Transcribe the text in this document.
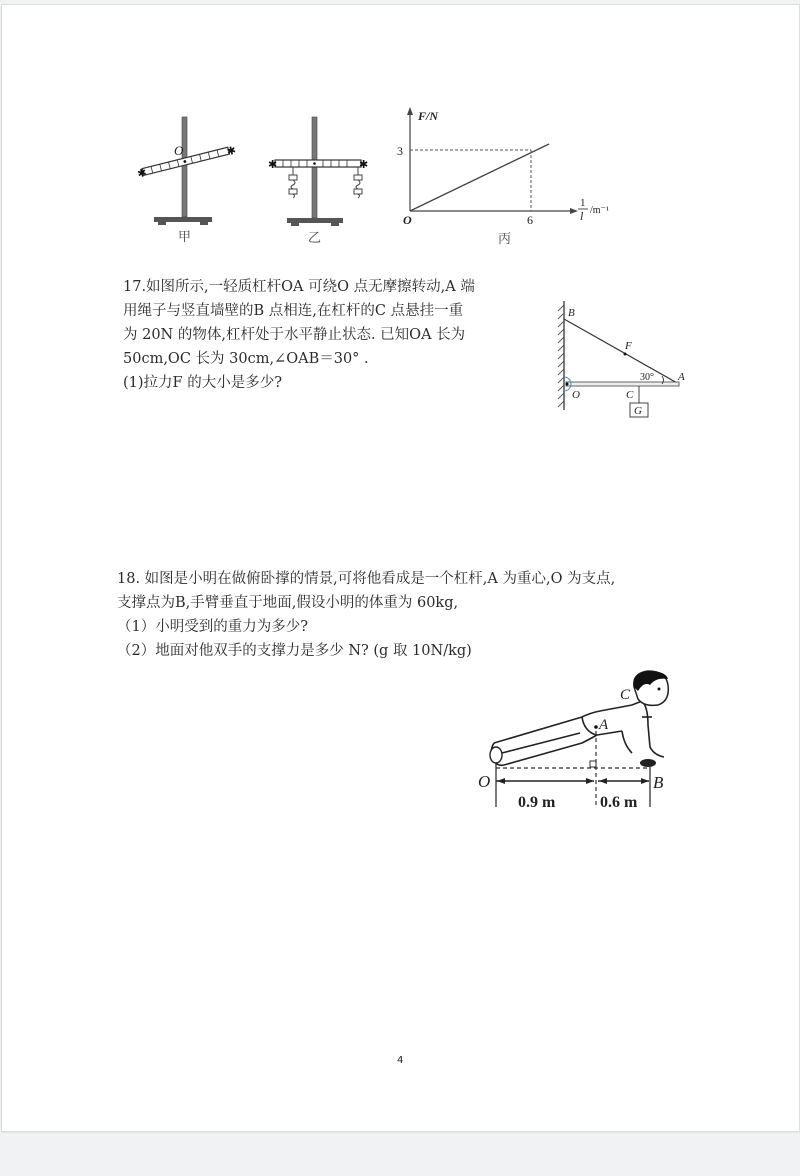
✱
✱
O
甲
✱	✱
乙
F/N
3
O	6
1
l /m⁻¹
丙
17.如图所示,一轻质杠杆OA 可绕O 点无摩擦转动,A 端
用绳子与竖直墙壁的B 点相连,在杠杆的C 点悬挂一重
为 20N 的物体,杠杆处于水平静止状态. 已知OA 长为
50cm,OC 长为 30cm,∠OAB＝30° .
(1)拉力F 的大小是多少?
B
F
O	C
A
G
30°
18. 如图是小明在做俯卧撑的情景,可将他看成是一个杠杆,A 为重心,O 为支点,
支撑点为B,手臂垂直于地面,假设小明的体重为 60kg,
（1）小明受到的重力为多少?
（2）地面对他双手的支撑力是多少 N? (g 取 10N/kg)
O	B
A
C
0.9 m	0.6 m
4
